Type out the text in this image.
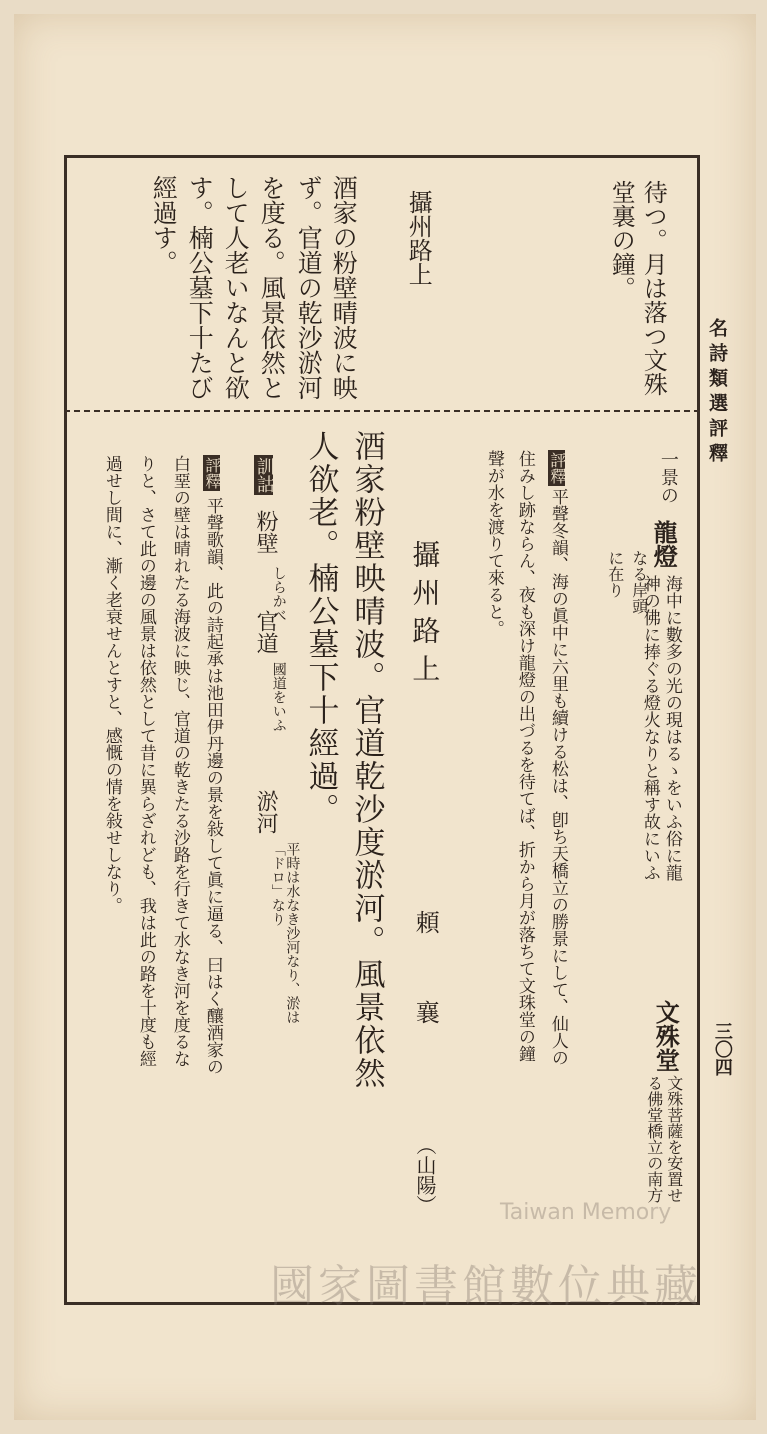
名詩類選評釋
三〇四
待つ。月は落つ文殊
堂裏の鐘。
攝州路上
酒家の粉壁晴波に映
ず。官道の乾沙淤河
を度る。風景依然と
して人老いなんと欲
す。楠公墓下十たび
經過す。
一景の
なる岸頭
に在り
龍燈
海中に數多の光の現はるゝをいふ俗に龍
神の佛に捧ぐる燈火なりと稱す故にいふ
文殊堂
文殊菩薩を安置せ
る佛堂橋立の南方
評釋
平聲冬韻、海の眞中に六里も續ける松は、卽ち天橋立の勝景にして、仙人の
住みし跡ならん、夜も深け龍燈の出づるを待てば、折から月が落ちて文珠堂の鐘
聲が水を渡りて來ると。
攝州路上
頼　　襄
（山陽）
酒家粉壁映晴波。官道乾沙度淤河。風景依然
人欲老。楠公墓下十經過。
訓詁
粉壁
しらかべ
官道
國道をいふ
淤河
平時は水なき沙河なり、淤は「ドロ」なり
評釋
平聲歌韻、此の詩起承は池田伊丹邊の景を敍して眞に逼る、曰はく釀酒家の
白堊の壁は晴れたる海波に映じ、官道の乾きたる沙路を行きて水なき河を度るな
りと、さて此の邊の風景は依然として昔に異らざれども、我は此の路を十度も經
過せし間に、漸く老衰せんとすと、感慨の情を敍せしなり。
Taiwan Memory
國家圖書館數位典藏
